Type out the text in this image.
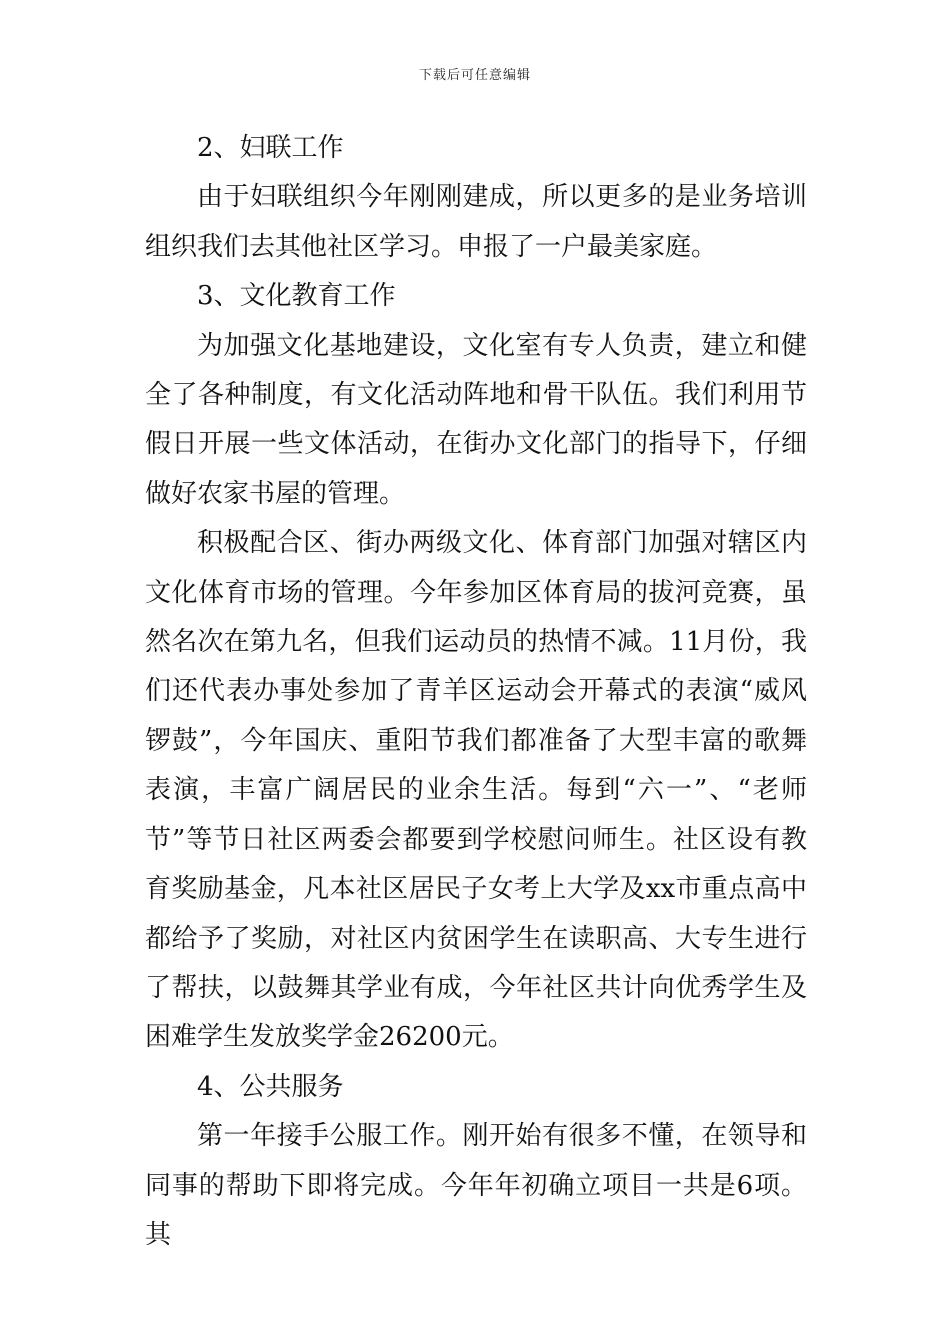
下载后可任意编辑

2、妇联工作

由于妇联组织今年刚刚建成，所以更多的是业务培训组织我们去其他社区学习。申报了一户最美家庭。

3、文化教育工作

为加强文化基地建设，文化室有专人负责，建立和健全了各种制度，有文化活动阵地和骨干队伍。我们利用节假日开展一些文体活动，在街办文化部门的指导下，仔细做好农家书屋的管理。

积极配合区、街办两级文化、体育部门加强对辖区内文化体育市场的管理。今年参加区体育局的拔河竞赛，虽然名次在第九名，但我们运动员的热情不减。11月份，我们还代表办事处参加了青羊区运动会开幕式的表演“威风锣鼓”，今年国庆、重阳节我们都准备了大型丰富的歌舞表演，丰富广阔居民的业余生活。每到“六一”、“老师节”等节日社区两委会都要到学校慰问师生。社区设有教育奖励基金，凡本社区居民子女考上大学及xx市重点高中都给予了奖励，对社区内贫困学生在读职高、大专生进行了帮扶，以鼓舞其学业有成，今年社区共计向优秀学生及困难学生发放奖学金26200元。

4、公共服务

第一年接手公服工作。刚开始有很多不懂，在领导和同事的帮助下即将完成。今年年初确立项目一共是6项。其
